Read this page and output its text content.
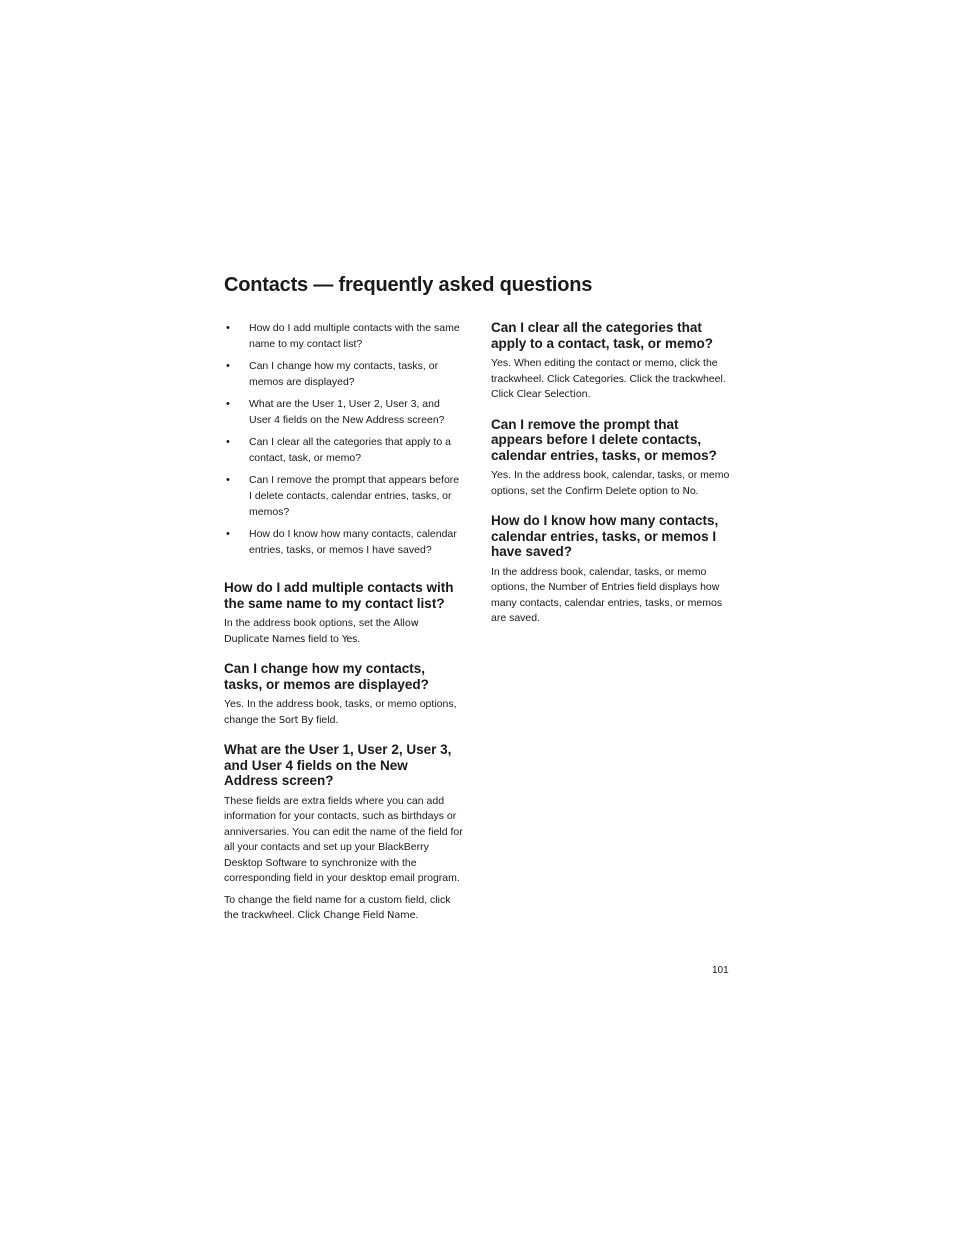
Contacts — frequently asked questions
• How do I add multiple contacts with the same name to my contact list?
• Can I change how my contacts, tasks, or memos are displayed?
• What are the User 1, User 2, User 3, and User 4 fields on the New Address screen?
• Can I clear all the categories that apply to a contact, task, or memo?
• Can I remove the prompt that appears before I delete contacts, calendar entries, tasks, or memos?
• How do I know how many contacts, calendar entries, tasks, or memos I have saved?
How do I add multiple contacts with the same name to my contact list?

In the address book options, set the Allow Duplicate Names field to Yes.

Can I change how my contacts, tasks, or memos are displayed?

Yes. In the address book, tasks, or memo options, change the Sort By field.

What are the User 1, User 2, User 3, and User 4 fields on the New Address screen?

These fields are extra fields where you can add information for your contacts, such as birthdays or anniversaries. You can edit the name of the field for all your contacts and set up your BlackBerry Desktop Software to synchronize with the corresponding field in your desktop email program.

To change the field name for a custom field, click the trackwheel. Click Change Field Name.

Can I clear all the categories that apply to a contact, task, or memo?

Yes. When editing the contact or memo, click the trackwheel. Click Categories. Click the trackwheel. Click Clear Selection.

Can I remove the prompt that appears before I delete contacts, calendar entries, tasks, or memos?

Yes. In the address book, calendar, tasks, or memo options, set the Confirm Delete option to No.

How do I know how many contacts, calendar entries, tasks, or memos I have saved?

In the address book, calendar, tasks, or memo options, the Number of Entries field displays how many contacts, calendar entries, tasks, or memos are saved.

101
